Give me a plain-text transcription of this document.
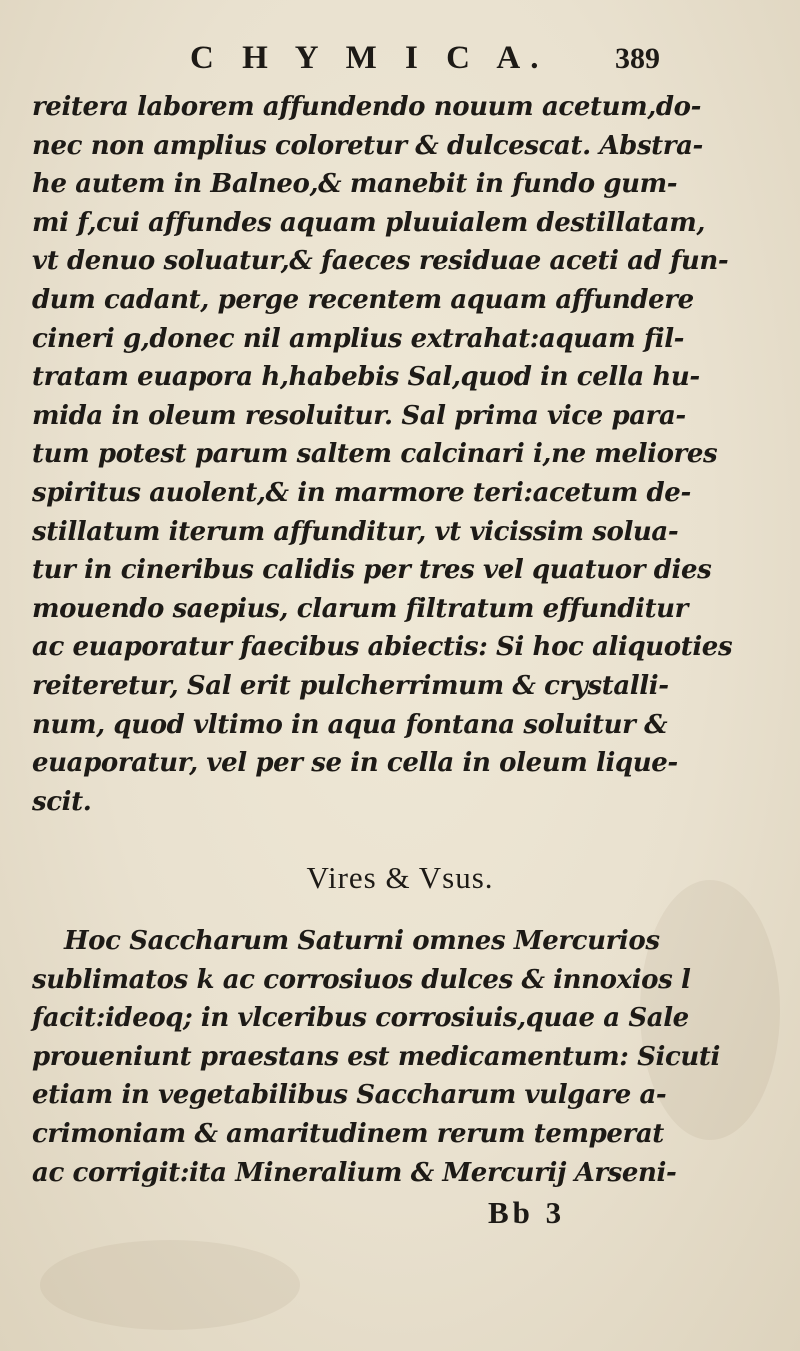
C H Y M I C A. 389
reitera laborem affundendo nouum acetum,do-
nec non amplius coloretur & dulcescat. Abstra-
he autem in Balneo,& manebit in fundo gum-
mi f,cui affundes aquam pluuialem destillatam,
vt denuo soluatur,& faeces residuae aceti ad fun-
dum cadant, perge recentem aquam affundere
cineri g,donec nil amplius extrahat:aquam fil-
tratam euapora h,habebis Sal,quod in cella hu-
mida in oleum resoluitur. Sal prima vice para-
tum potest parum saltem calcinari i,ne meliores
spiritus auolent,& in marmore teri:acetum de-
stillatum iterum affunditur, vt vicissim solua-
tur in cineribus calidis per tres vel quatuor dies
mouendo saepius, clarum filtratum effunditur
ac euaporatur faecibus abiectis: Si hoc aliquoties
reiteretur, Sal erit pulcherrimum & crystalli-
num, quod vltimo in aqua fontana soluitur &
euaporatur, vel per se in cella in oleum lique-
scit.
Vires & Vsus.
Hoc Saccharum Saturni omnes Mercurios
sublimatos k ac corrosiuos dulces & innoxios l
facit:ideoq; in vlceribus corrosiuis,quae a Sale
proueniunt praestans est medicamentum: Sicuti
etiam in vegetabilibus Saccharum vulgare a-
crimoniam & amaritudinem rerum temperat
ac corrigit:ita Mineralium & Mercurij Arseni-
Bb 3
